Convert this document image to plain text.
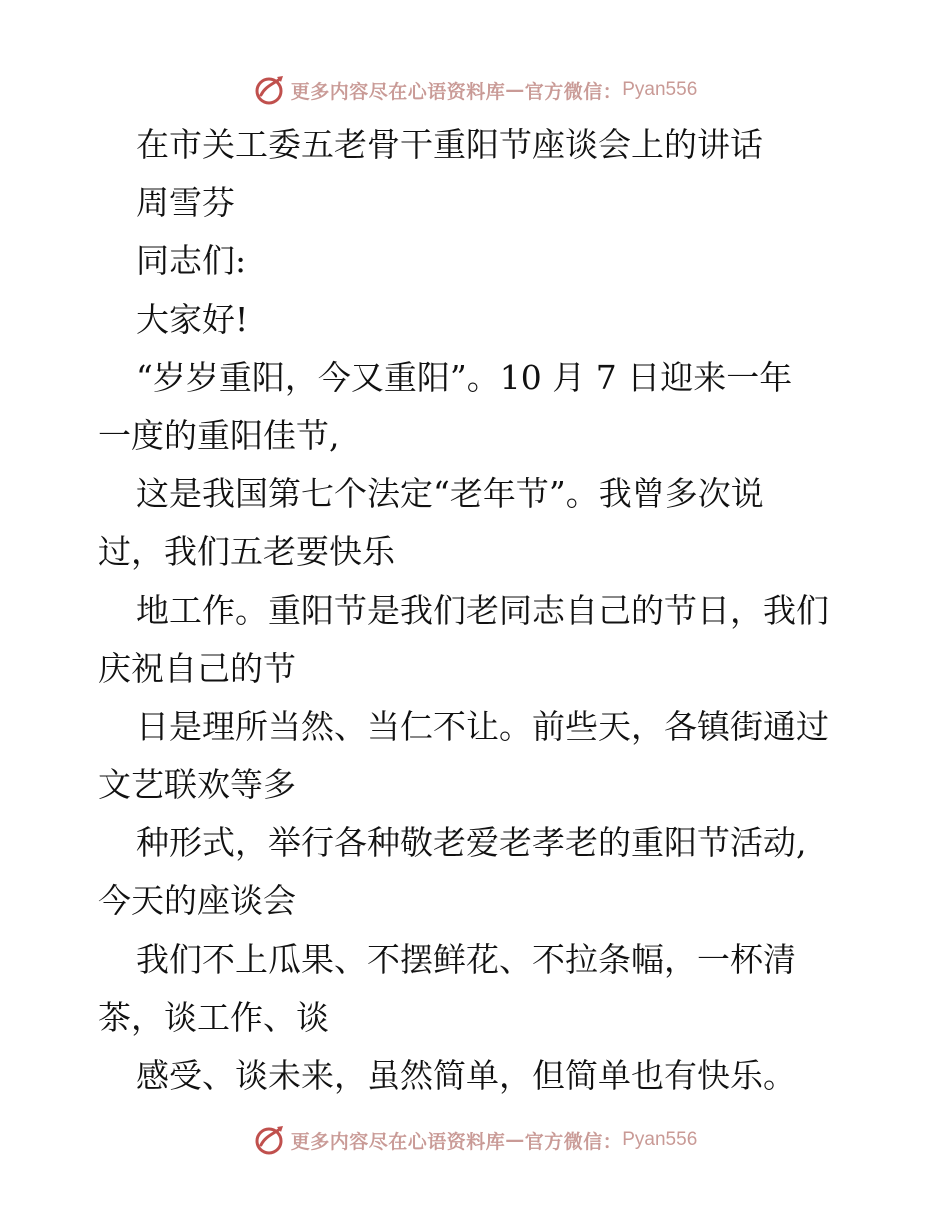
更多内容尽在心语资料库 — 官方微信： Pyan556
在市关工委五老骨干重阳节座谈会上的讲话
周雪芬
同志们:
大家好!
“岁岁重阳，今又重阳”。10 月 7 日迎来一年
一度的重阳佳节,
这是我国第七个法定“老年节”。我曾多次说
过，我们五老要快乐
地工作。重阳节是我们老同志自己的节日，我们
庆祝自己的节
日是理所当然、当仁不让。前些天，各镇街通过
文艺联欢等多
种形式，举行各种敬老爱老孝老的重阳节活动,
今天的座谈会
我们不上瓜果、不摆鲜花、不拉条幅，一杯清
茶，谈工作、谈
感受、谈未来，虽然简单，但简单也有快乐。
更多内容尽在心语资料库 — 官方微信： Pyan556
